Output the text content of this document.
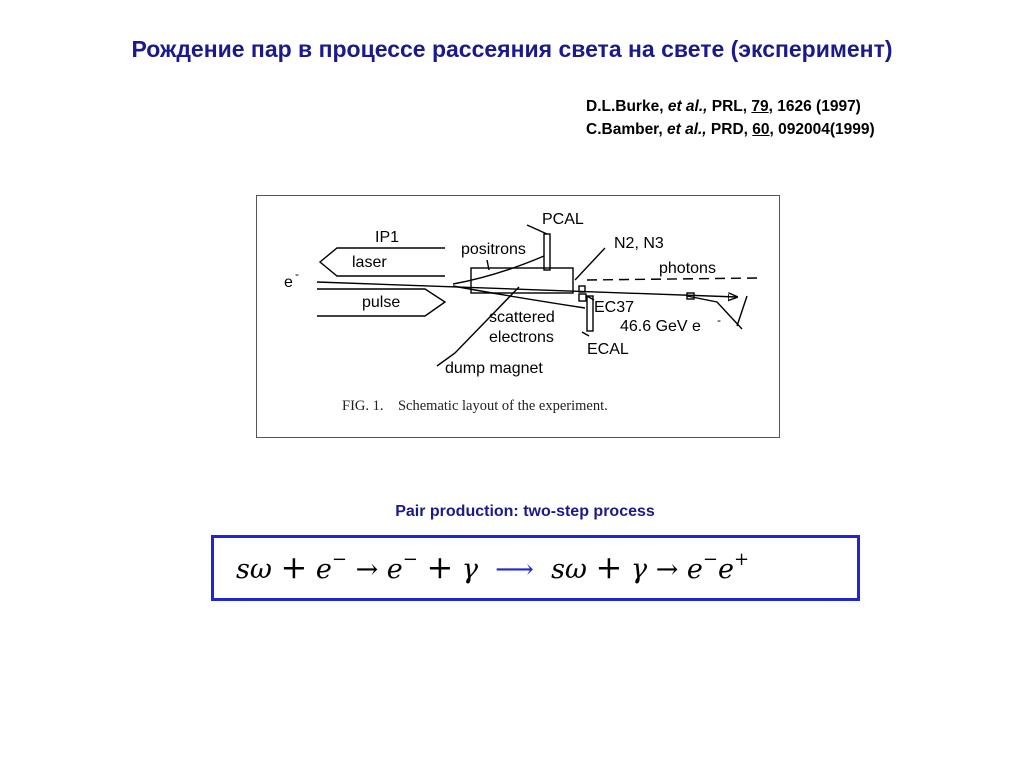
Рождение пар в процессе рассеяния света на свете (эксперимент)
D.L.Burke, et al., PRL, 79, 1626 (1997)
C.Bamber, et al., PRD, 60, 092004(1999)
IP1
laser
pulse
e -
positrons
PCAL
N2, N3
photons
scattered
electrons
EC37
46.6 GeV e -
ECAL
dump magnet
FIG. 1.    Schematic layout of the experiment.
Pair production: two-step process
sω + e− → e− + γ ⟶ sω + γ → e−e+
